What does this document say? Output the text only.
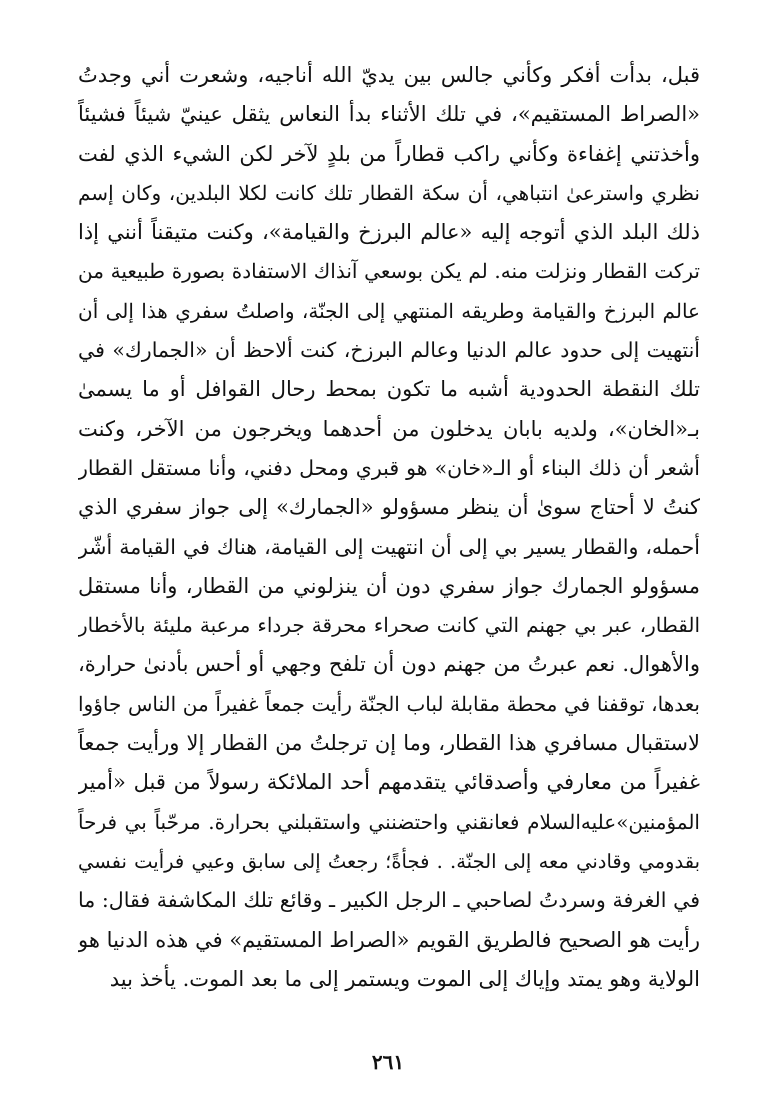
قبل، بدأت أفكر وكأني جالس بين يديّ الله أناجيه، وشعرت أني وجدتُ
«الصراط المستقيم»، في تلك الأثناء بدأ النعاس يثقل عينيّ شيئاً فشيئاً
وأخذتني إغفاءة وكأني راكب قطاراً من بلدٍ لآخر لكن الشيء الذي لفت
نظري واسترعىٰ انتباهي، أن سكة القطار تلك كانت لكلا البلدين، وكان إسم
ذلك البلد الذي أتوجه إليه «عالم البرزخ والقيامة»، وكنت متيقناً أنني إذا
تركت القطار ونزلت منه. لم يكن بوسعي آنذاك الاستفادة بصورة طبيعية من
عالم البرزخ والقيامة وطريقه المنتهي إلى الجنّة، واصلتُ سفري هذا إلى أن
أنتهيت إلى حدود عالم الدنيا وعالم البرزخ، كنت ألاحظ أن «الجمارك» في
تلك النقطة الحدودية أشبه ما تكون بمحط رحال القوافل أو ما يسمىٰ
بـ«الخان»، ولديه بابان يدخلون من أحدهما ويخرجون من الآخر، وكنت
أشعر أن ذلك البناء أو الـ«خان» هو قبري ومحل دفني، وأنا مستقل القطار
كنتُ لا أحتاج سوىٰ أن ينظر مسؤولو «الجمارك» إلى جواز سفري الذي
أحمله، والقطار يسير بي إلى أن انتهيت إلى القيامة، هناك في القيامة أشّر
مسؤولو الجمارك جواز سفري دون أن ينزلوني من القطار، وأنا مستقل
القطار، عبر بي جهنم التي كانت صحراء محرقة جرداء مرعبة مليئة بالأخطار
والأهوال. نعم عبرتُ من جهنم دون أن تلفح وجهي أو أحس بأدنىٰ حرارة،
بعدها، توقفنا في محطة مقابلة لباب الجنّة رأيت جمعاً غفيراً من الناس جاؤوا
لاستقبال مسافري هذا القطار، وما إن ترجلتُ من القطار إلا ورأيت جمعاً
غفيراً من معارفي وأصدقائي يتقدمهم أحد الملائكة رسولاً من قبل «أمير
المؤمنين»عليه‌السلام فعانقني واحتضنني واستقبلني بحرارة. مرحّباً بي فرحاً
بقدومي وقادني معه إلى الجنّة. . فجأةً؛ رجعتُ إلى سابق وعيي فرأيت نفسي
في الغرفة وسردتُ لصاحبي ـ الرجل الكبير ـ وقائع تلك المكاشفة فقال: ما
رأيت هو الصحيح فالطريق القويم «الصراط المستقيم» في هذه الدنيا هو
الولاية وهو يمتد وإياك إلى الموت ويستمر إلى ما بعد الموت. يأخذ بيد
٢٦١
